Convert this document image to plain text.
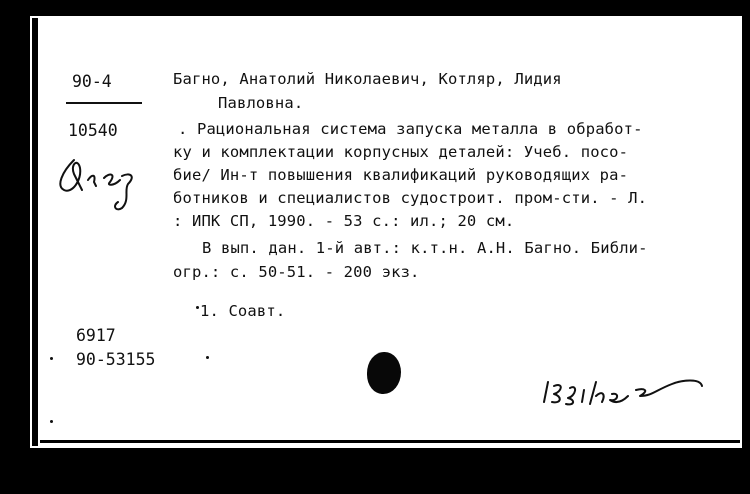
90-4
10540
Багно, Анатолий Николаевич, Котляр, Лидия
Павловна.
. Рациональная система запуска металла в обработ-
ку и комплектации корпусных деталей: Учеб. посо-
бие/ Ин-т повышения квалификаций руководящих ра-
ботников и специалистов судостроит. пром-сти. - Л.
: ИПК СП, 1990. - 53 с.: ил.; 20 см.
В вып. дан. 1-й авт.: к.т.н. А.Н. Багно. Библи-
огр.: с. 50-51. - 200 экз.
1. Соавт.
6917
90-53155
